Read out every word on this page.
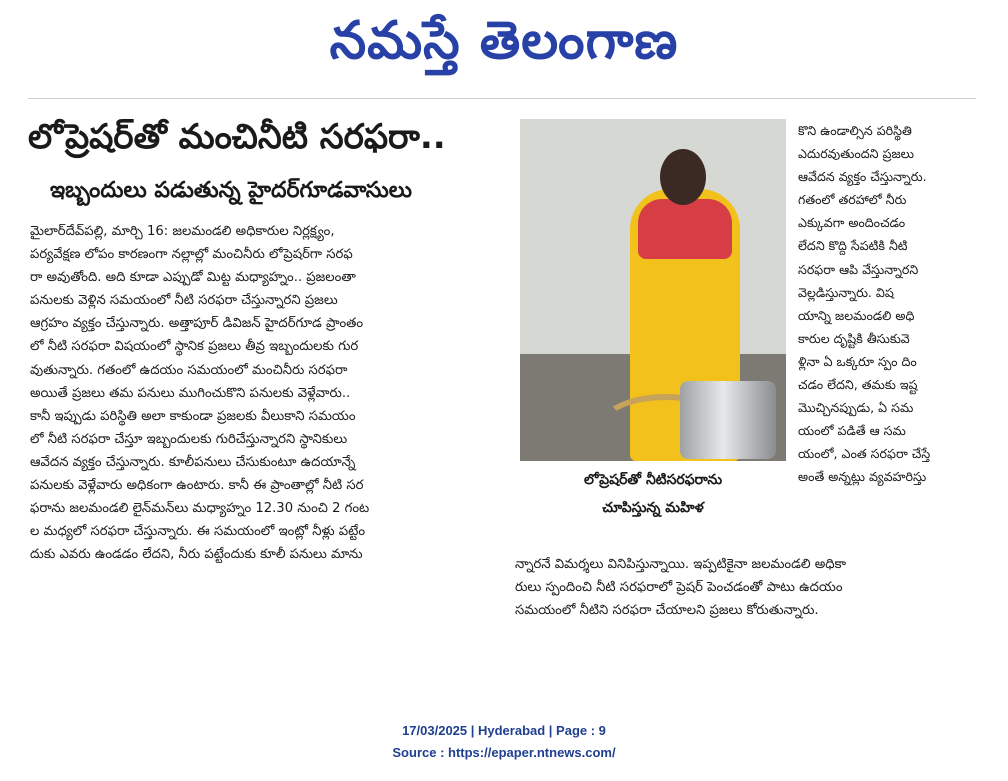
నమస్తే తెలంగాణ
లోప్రెషర్‌తో మంచినీటి సరఫరా..
ఇబ్బందులు పడుతున్న హైదర్‌గూడవాసులు
మైలార్‌దేవ్‌పల్లి, మార్చి 16: జలమండలి అధికారుల నిర్లక్ష్యం,
పర్యవేక్షణ లోపం కారణంగా నల్లాల్లో మంచినీరు లోప్రెషర్‌గా సరఫ
రా అవుతోంది. అది కూడా ఎప్పుడో మిట్ట మధ్యాహ్నం.. ప్రజలంతా
పనులకు వెళ్లిన సమయంలో నీటి సరఫరా చేస్తున్నారని ప్రజలు
ఆగ్రహం వ్యక్తం చేస్తున్నారు. అత్తాపూర్ డివిజన్ హైదర్‌గూడ ప్రాంతం
లో నీటి సరఫరా విషయంలో స్థానిక ప్రజలు తీవ్ర ఇబ్బందులకు గుర
వుతున్నారు. గతంలో ఉదయం సమయంలో మంచినీరు సరఫరా
అయితే ప్రజలు తమ పనులు ముగించుకొని పనులకు వెళ్లేవారు..
కానీ ఇప్పుడు పరిస్థితి అలా కాకుండా ప్రజలకు వీలుకాని సమయం
లో నీటి సరఫరా చేస్తూ ఇబ్బందులకు గురిచేస్తున్నారని స్థానికులు
ఆవేదన వ్యక్తం చేస్తున్నారు. కూలీపనులు చేసుకుంటూ ఉదయాన్నే
పనులకు వెళ్లేవారు అధికంగా ఉంటారు. కానీ ఈ ప్రాంతాల్లో నీటి సర
ఫరాను జలమండలి లైన్‌మన్‌లు మధ్యాహ్నం 12.30 నుంచి 2 గంట
ల మధ్యలో సరఫరా చేస్తున్నారు. ఈ సమయంలో ఇంట్లో నీళ్లు పట్టేం
దుకు ఎవరు ఉండడం లేదని, నీరు పట్టేందుకు కూలీ పనులు మాను
లోప్రెషర్‌తో నీటిసరఫరాను
చూపిస్తున్న మహిళ
కొని ఉండాల్సిన పరిస్థితి
ఎదురవుతుందని ప్రజలు
ఆవేదన వ్యక్తం చేస్తున్నారు.
గతంలో తరహాలో నీరు
ఎక్కువగా అందించడం
లేదని కొద్ది సేపటికి నీటి
సరఫరా ఆపి వేస్తున్నారని
వెల్లడిస్తున్నారు. విష
యాన్ని జలమండలి అధి
కారుల దృష్టికి తీసుకువె
ళ్లినా ఏ ఒక్కరూ స్పం దిం
చడం లేదని, తమకు ఇష్ట
మొచ్చినప్పుడు, ఏ సమ
యంలో పడితే ఆ సమ
యంలో, ఎంత సరఫరా చేస్తే
అంతే అన్నట్లు వ్యవహరిస్తు
న్నారనే విమర్శలు వినిపిస్తున్నాయి. ఇప్పటికైనా జలమండలి అధికా
రులు స్పందించి నీటి సరఫరాలో ప్రెషర్ పెంచడంతో పాటు ఉదయం
సమయంలో నీటిని సరఫరా చేయాలని ప్రజలు కోరుతున్నారు.
17/03/2025 | Hyderabad | Page : 9
Source : https://epaper.ntnews.com/
